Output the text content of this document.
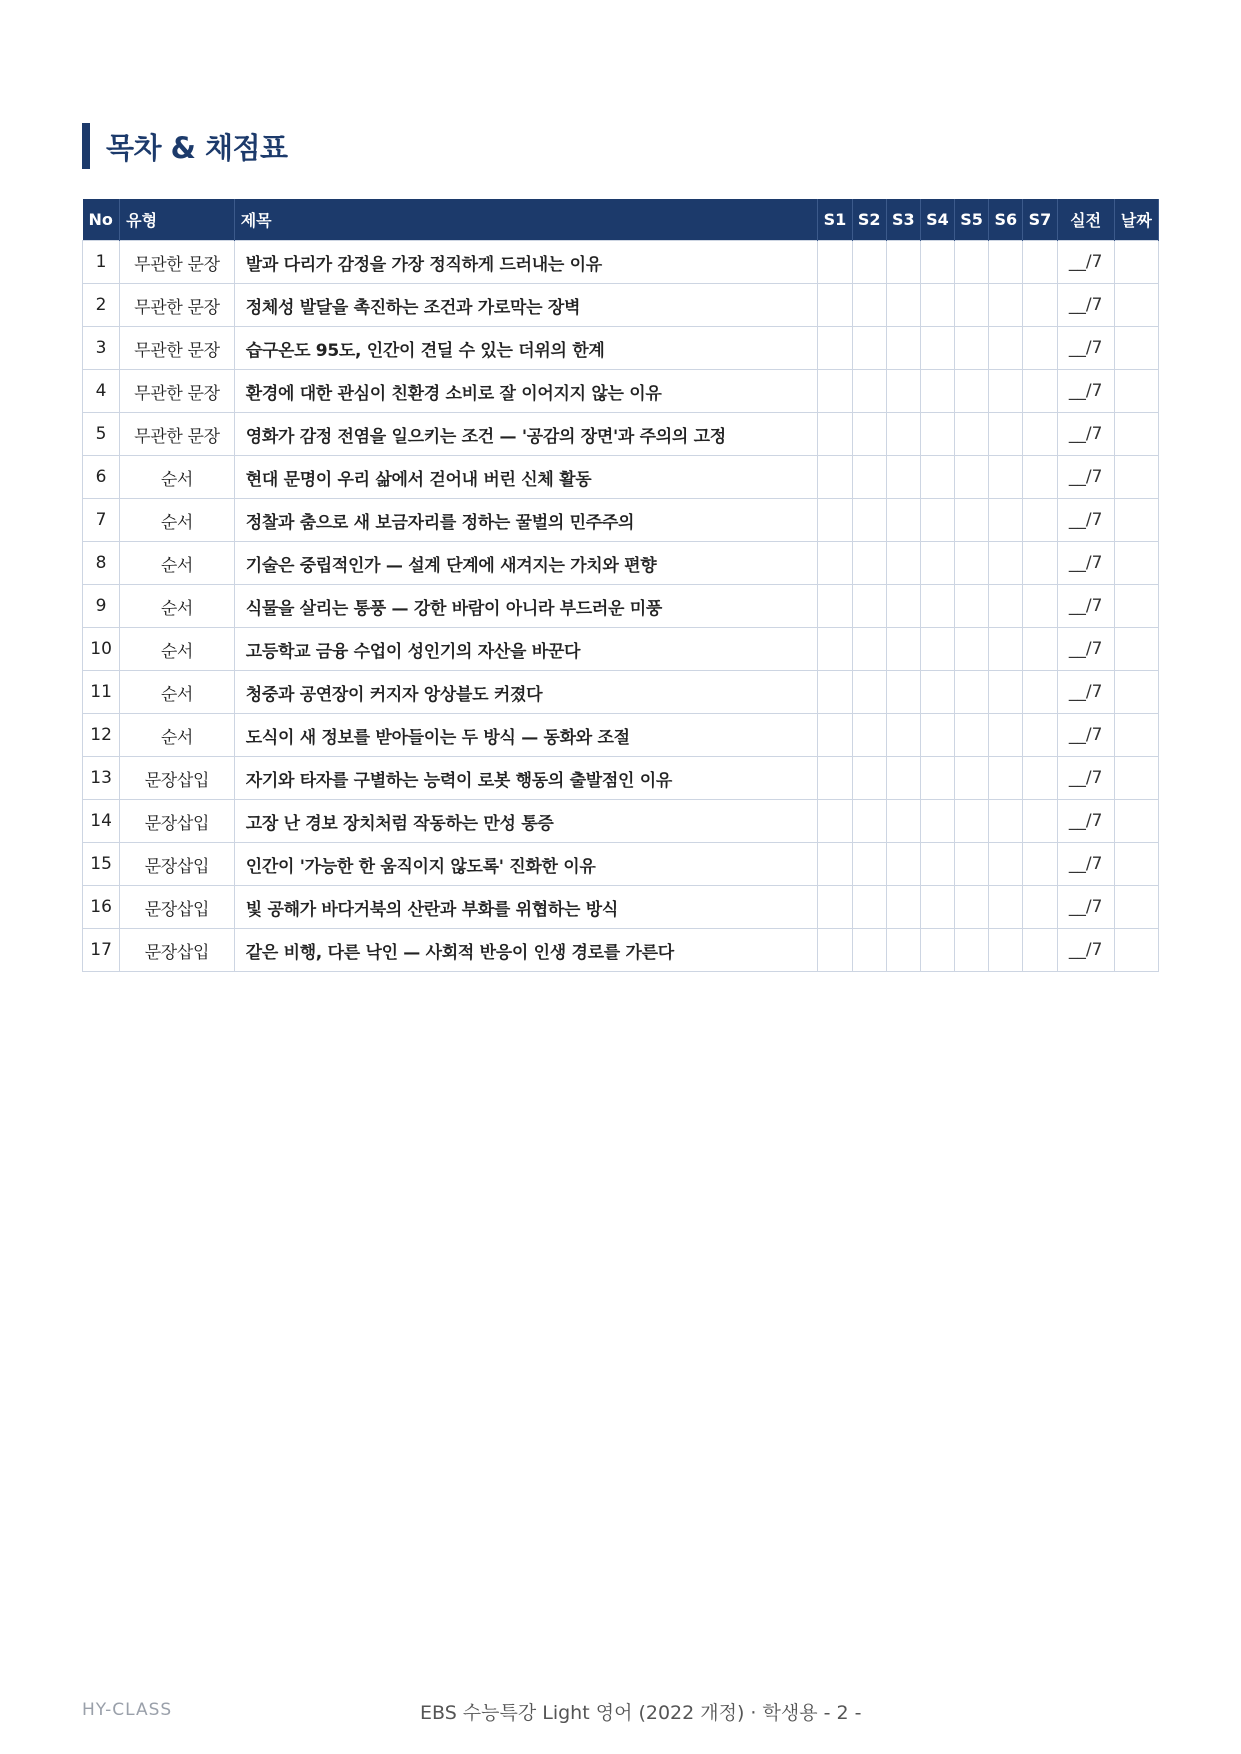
목차 & 채점표
No	유형	제목	S1	S2	S3	S4	S5	S6	S7	실전	날짜
1	무관한 문장	발과 다리가 감정을 가장 정직하게 드러내는 이유								__/7	
2	무관한 문장	정체성 발달을 촉진하는 조건과 가로막는 장벽								__/7	
3	무관한 문장	습구온도 95도, 인간이 견딜 수 있는 더위의 한계								__/7	
4	무관한 문장	환경에 대한 관심이 친환경 소비로 잘 이어지지 않는 이유								__/7	
5	무관한 문장	영화가 감정 전염을 일으키는 조건 — '공감의 장면'과 주의의 고정								__/7	
6	순서	현대 문명이 우리 삶에서 걷어내 버린 신체 활동								__/7	
7	순서	정찰과 춤으로 새 보금자리를 정하는 꿀벌의 민주주의								__/7	
8	순서	기술은 중립적인가 — 설계 단계에 새겨지는 가치와 편향								__/7	
9	순서	식물을 살리는 통풍 — 강한 바람이 아니라 부드러운 미풍								__/7	
10	순서	고등학교 금융 수업이 성인기의 자산을 바꾼다								__/7	
11	순서	청중과 공연장이 커지자 앙상블도 커졌다								__/7	
12	순서	도식이 새 정보를 받아들이는 두 방식 — 동화와 조절								__/7	
13	문장삽입	자기와 타자를 구별하는 능력이 로봇 행동의 출발점인 이유								__/7	
14	문장삽입	고장 난 경보 장치처럼 작동하는 만성 통증								__/7	
15	문장삽입	인간이 '가능한 한 움직이지 않도록' 진화한 이유								__/7	
16	문장삽입	빛 공해가 바다거북의 산란과 부화를 위협하는 방식								__/7	
17	문장삽입	같은 비행, 다른 낙인 — 사회적 반응이 인생 경로를 가른다								__/7	
HY-CLASS	EBS 수능특강 Light 영어 (2022 개정) · 학생용 - 2 -
